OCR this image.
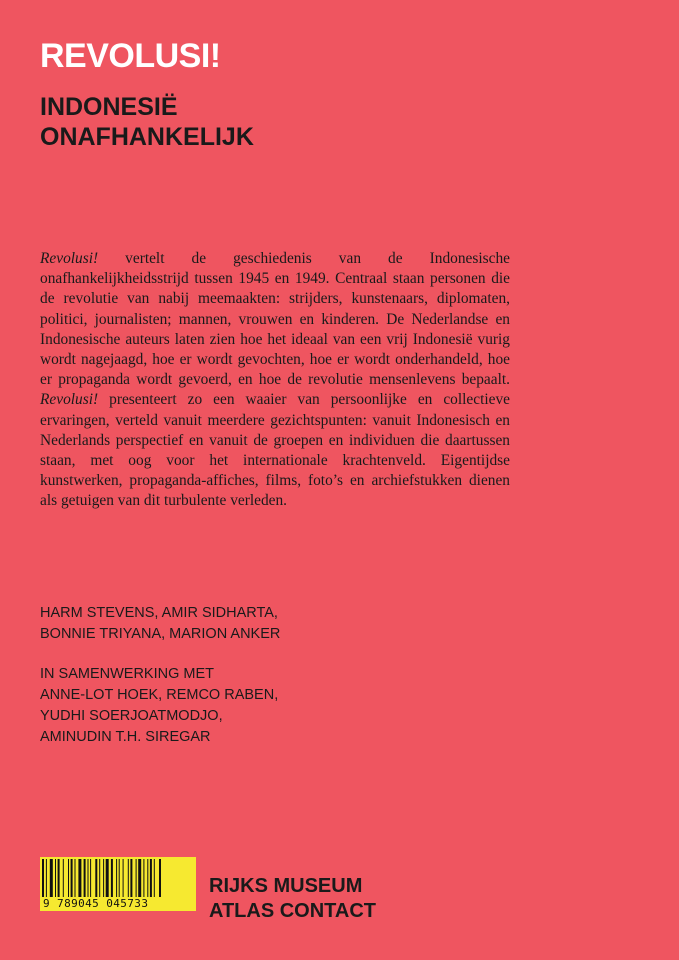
REVOLUSI!
INDONESIË
ONAFHANKELIJK

Revolusi! vertelt de geschiedenis van de Indonesische onafhankelijkheidsstrijd tussen 1945 en 1949. Centraal staan personen die de revolutie van nabij meemaakten: strijders, kunstenaars, diplomaten, politici, journalisten; mannen, vrouwen en kinderen. De Nederlandse en Indonesische auteurs laten zien hoe het ideaal van een vrij Indonesië vurig wordt nagejaagd, hoe er wordt gevochten, hoe er wordt onderhandeld, hoe er propaganda wordt gevoerd, en hoe de revolutie mensenlevens bepaalt. Revolusi! presenteert zo een waaier van persoonlijke en collectieve ervaringen, verteld vanuit meerdere gezichtspunten: vanuit Indonesisch en Nederlands perspectief en vanuit de groepen en individuen die daartussen staan, met oog voor het internationale krachtenveld. Eigentijdse kunstwerken, propaganda-affiches, films, foto’s en archiefstukken dienen als getuigen van dit turbulente verleden.

HARM STEVENS, AMIR SIDHARTA,
BONNIE TRIYANA, MARION ANKER

IN SAMENWERKING MET
ANNE-LOT HOEK, REMCO RABEN,
YUDHI SOERJOATMODJO,
AMINUDIN T.H. SIREGAR

9 789045 045733

RIJKS MUSEUM
ATLAS CONTACT
